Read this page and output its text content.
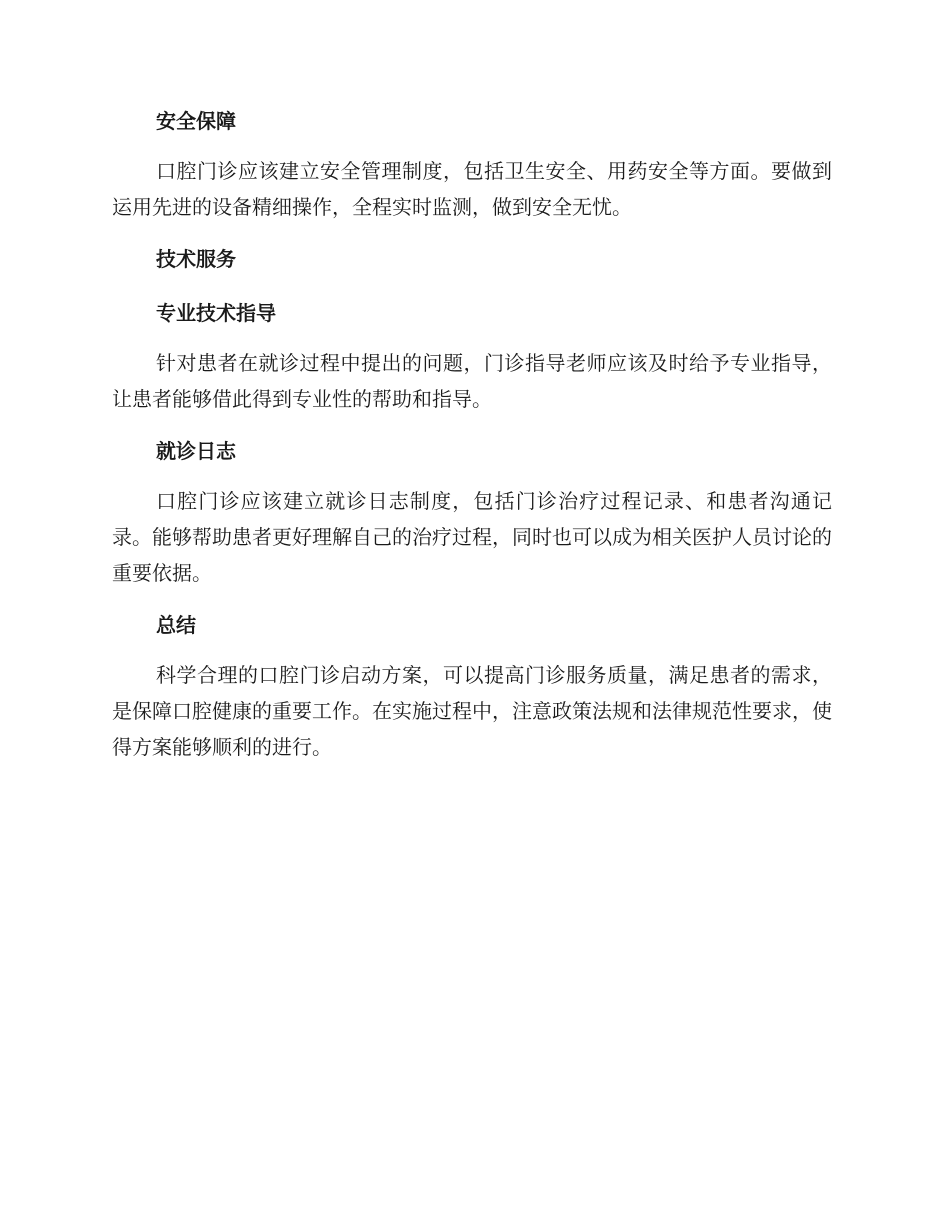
安全保障

口腔门诊应该建立安全管理制度，包括卫生安全、用药安全等方面。要做到运用先进的设备精细操作，全程实时监测，做到安全无忧。

技术服务
专业技术指导

针对患者在就诊过程中提出的问题，门诊指导老师应该及时给予专业指导，让患者能够借此得到专业性的帮助和指导。

就诊日志

口腔门诊应该建立就诊日志制度，包括门诊治疗过程记录、和患者沟通记录。能够帮助患者更好理解自己的治疗过程，同时也可以成为相关医护人员讨论的重要依据。

总结

科学合理的口腔门诊启动方案，可以提高门诊服务质量，满足患者的需求，是保障口腔健康的重要工作。在实施过程中，注意政策法规和法律规范性要求，使得方案能够顺利的进行。
